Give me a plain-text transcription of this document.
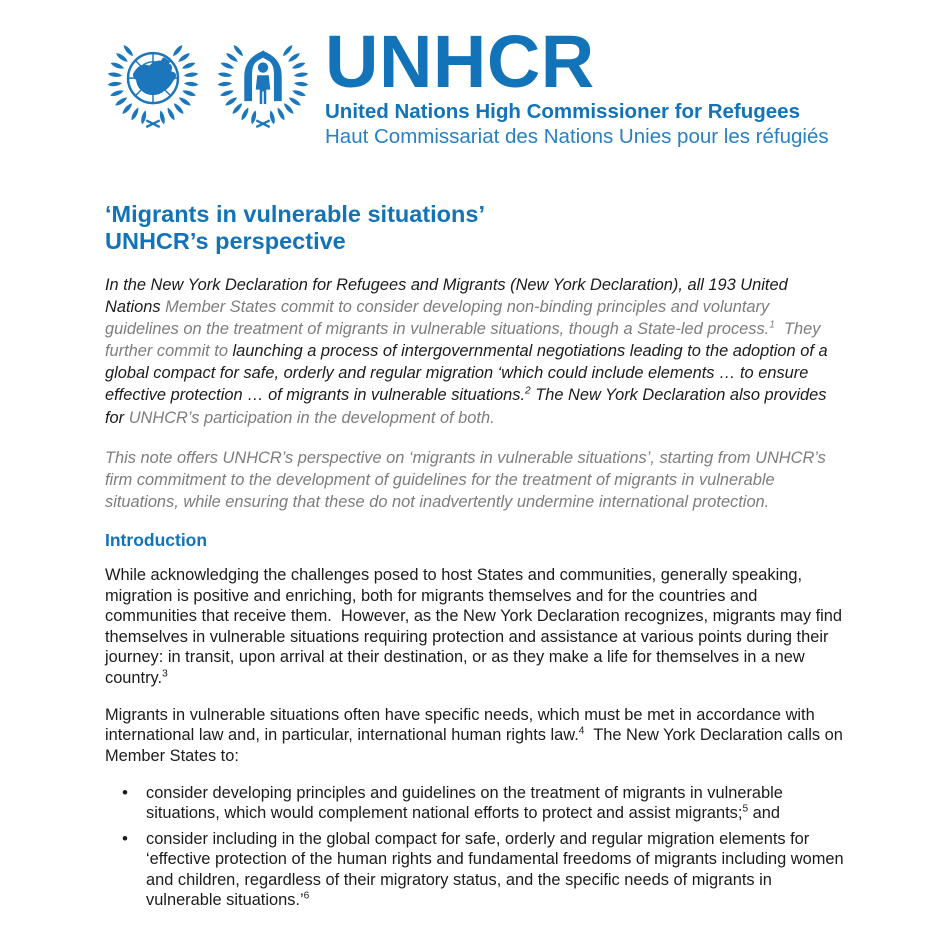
UNHCR
United Nations High Commissioner for Refugees
Haut Commissariat des Nations Unies pour les réfugiés
‘Migrants in vulnerable situations’
UNHCR’s perspective

In the New York Declaration for Refugees and Migrants (New York Declaration), all 193 United Nations Member States commit to consider developing non-binding principles and voluntary guidelines on the treatment of migrants in vulnerable situations, though a State-led process.$^1$  They further commit to launching a process of intergovernmental negotiations leading to the adoption of a global compact for safe, orderly and regular migration ‘which could include elements … to ensure effective protection … of migrants in vulnerable situations.$^2$ The New York Declaration also provides for UNHCR’s participation in the development of both.

This note offers UNHCR’s perspective on ‘migrants in vulnerable situations’, starting from UNHCR’s firm commitment to the development of guidelines for the treatment of migrants in vulnerable situations, while ensuring that these do not inadvertently undermine international protection.

Introduction

While acknowledging the challenges posed to host States and communities, generally speaking, migration is positive and enriching, both for migrants themselves and for the countries and communities that receive them.  However, as the New York Declaration recognizes, migrants may find themselves in vulnerable situations requiring protection and assistance at various points during their journey: in transit, upon arrival at their destination, or as they make a life for themselves in a new country.$^3$

Migrants in vulnerable situations often have specific needs, which must be met in accordance with international law and, in particular, international human rights law.$^4$  The New York Declaration calls on Member States to:

• consider developing principles and guidelines on the treatment of migrants in vulnerable situations, which would complement national efforts to protect and assist migrants;$^5$ and
• consider including in the global compact for safe, orderly and regular migration elements for ‘effective protection of the human rights and fundamental freedoms of migrants including women and children, regardless of their migratory status, and the specific needs of migrants in vulnerable situations.’$^6$
